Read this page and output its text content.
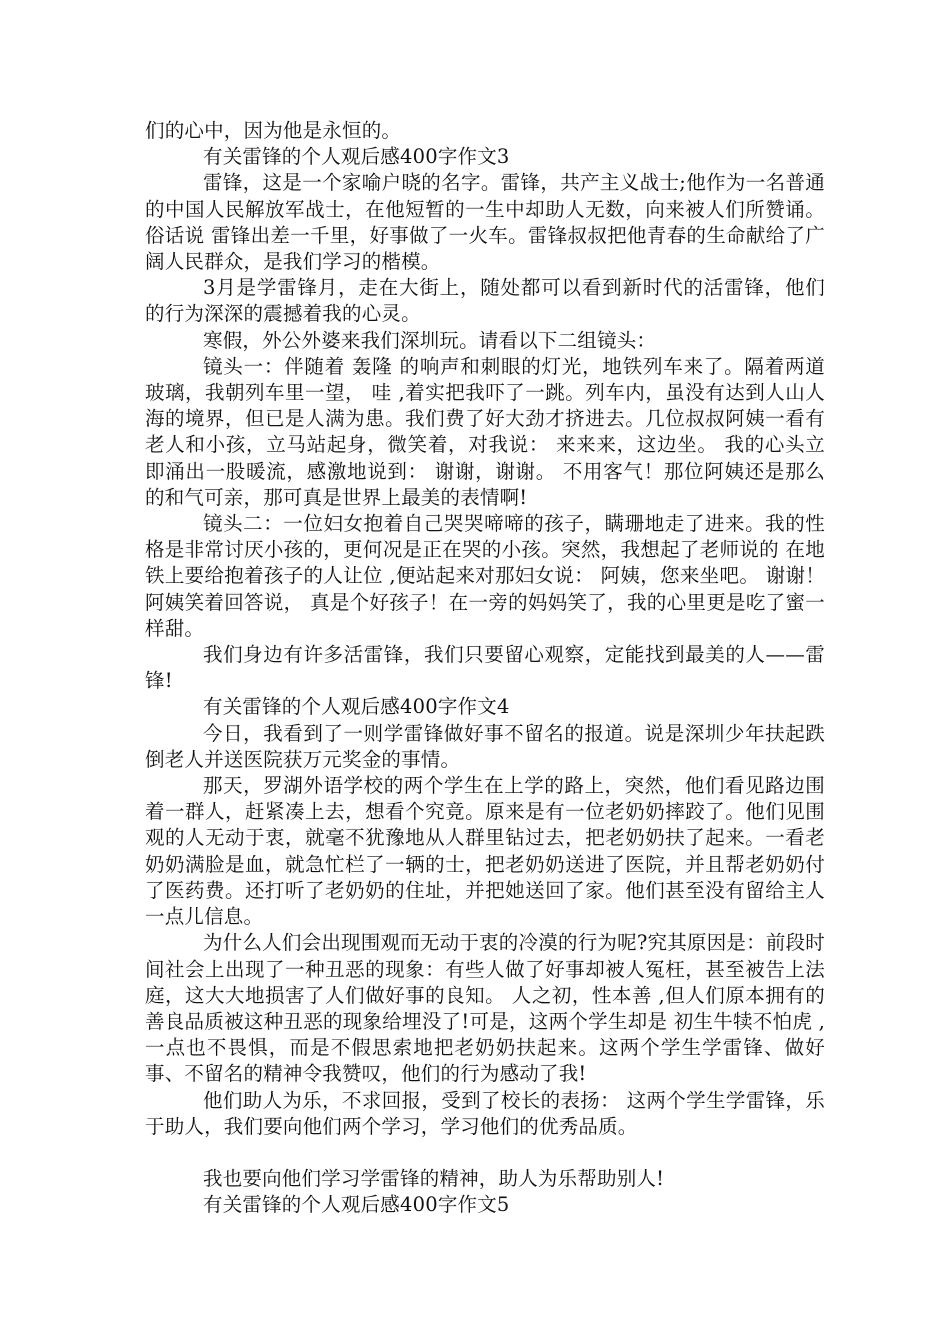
们的心中，因为他是永恒的。

有关雷锋的个人观后感400字作文3

雷锋，这是一个家喻户晓的名字。雷锋，共产主义战士;他作为一名普通的中国人民解放军战士，在他短暂的一生中却助人无数，向来被人们所赞诵。俗话说 雷锋出差一千里，好事做了一火车。雷锋叔叔把他青春的生命献给了广阔人民群众，是我们学习的楷模。

3月是学雷锋月，走在大街上，随处都可以看到新时代的活雷锋，他们的行为深深的震撼着我的心灵。

寒假，外公外婆来我们深圳玩。请看以下二组镜头：

镜头一：伴随着 轰隆 的响声和刺眼的灯光，地铁列车来了。隔着两道玻璃，我朝列车里一望， 哇 ,着实把我吓了一跳。列车内，虽没有达到人山人海的境界，但已是人满为患。我们费了好大劲才挤进去。几位叔叔阿姨一看有老人和小孩，立马站起身，微笑着，对我说： 来来来，这边坐。 我的心头立即涌出一股暖流，感激地说到： 谢谢，谢谢。 不用客气！那位阿姨还是那么的和气可亲，那可真是世界上最美的表情啊!

镜头二：一位妇女抱着自己哭哭啼啼的孩子，瞒珊地走了进来。我的性格是非常讨厌小孩的，更何况是正在哭的小孩。突然，我想起了老师说的 在地铁上要给抱着孩子的人让位 ,便站起来对那妇女说： 阿姨，您来坐吧。 谢谢！阿姨笑着回答说， 真是个好孩子！在一旁的妈妈笑了，我的心里更是吃了蜜一样甜。

我们身边有许多活雷锋，我们只要留心观察，定能找到最美的人——雷锋!

有关雷锋的个人观后感400字作文4

今日，我看到了一则学雷锋做好事不留名的报道。说是深圳少年扶起跌倒老人并送医院获万元奖金的事情。

那天，罗湖外语学校的两个学生在上学的路上，突然，他们看见路边围着一群人，赶紧凑上去，想看个究竟。原来是有一位老奶奶摔跤了。他们见围观的人无动于衷，就毫不犹豫地从人群里钻过去，把老奶奶扶了起来。一看老奶奶满脸是血，就急忙栏了一辆的士，把老奶奶送进了医院，并且帮老奶奶付了医药费。还打听了老奶奶的住址，并把她送回了家。他们甚至没有留给主人一点儿信息。

为什么人们会出现围观而无动于衷的冷漠的行为呢?究其原因是：前段时间社会上出现了一种丑恶的现象：有些人做了好事却被人冤枉，甚至被告上法庭，这大大地损害了人们做好事的良知。 人之初，性本善 ,但人们原本拥有的善良品质被这种丑恶的现象给埋没了!可是，这两个学生却是 初生牛犊不怕虎 ,一点也不畏惧，而是不假思索地把老奶奶扶起来。这两个学生学雷锋、做好事、不留名的精神令我赞叹，他们的行为感动了我!

他们助人为乐，不求回报，受到了校长的表扬： 这两个学生学雷锋，乐于助人，我们要向他们两个学习，学习他们的优秀品质。

我也要向他们学习学雷锋的精神，助人为乐帮助别人!

有关雷锋的个人观后感400字作文5
